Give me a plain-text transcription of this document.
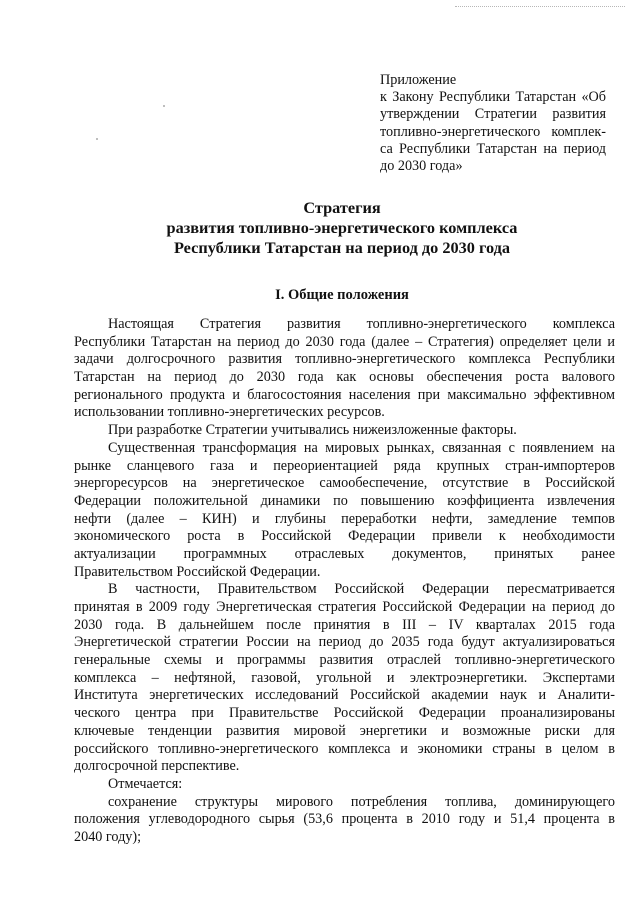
Приложение
к Закону Республики Татарстан «Об
утверждении Стратегии развития
топливно-энергетического комплек-
са Республики Татарстан на период
до 2030 года»
Стратегия
развития топливно-энергетического комплекса
Республики Татарстан на период до 2030 года
I. Общие положения
Настоящая Стратегия развития топливно-энергетического комплекса
Республики Татарстан на период до 2030 года (далее – Стратегия) определяет цели и
задачи долгосрочного развития топливно-энергетического комплекса Республики
Татарстан на период до 2030 года как основы обеспечения роста валового
регионального продукта и благосостояния населения при максимально эффективном
использовании топливно-энергетических ресурсов.
При разработке Стратегии учитывались нижеизложенные факторы.
Существенная трансформация на мировых рынках, связанная с появлением на
рынке сланцевого газа и переориентацией ряда крупных стран-импортеров
энергоресурсов на энергетическое самообеспечение, отсутствие в Российской
Федерации положительной динамики по повышению коэффициента извлечения
нефти (далее – КИН) и глубины переработки нефти, замедление темпов
экономического роста в Российской Федерации привели к необходимости
актуализации программных отраслевых документов, принятых ранее
Правительством Российской Федерации.
В частности, Правительством Российской Федерации пересматривается
принятая в 2009 году Энергетическая стратегия Российской Федерации на период до
2030 года. В дальнейшем после принятия в III – IV кварталах 2015 года
Энергетической стратегии России на период до 2035 года будут актуализироваться
генеральные схемы и программы развития отраслей топливно-энергетического
комплекса – нефтяной, газовой, угольной и электроэнергетики. Экспертами
Института энергетических исследований Российской академии наук и Аналити-
ческого центра при Правительстве Российской Федерации проанализированы
ключевые тенденции развития мировой энергетики и возможные риски для
российского топливно-энергетического комплекса и экономики страны в целом в
долгосрочной перспективе.
Отмечается:
сохранение структуры мирового потребления топлива, доминирующего
положения углеводородного сырья (53,6 процента в 2010 году и 51,4 процента в
2040 году);
